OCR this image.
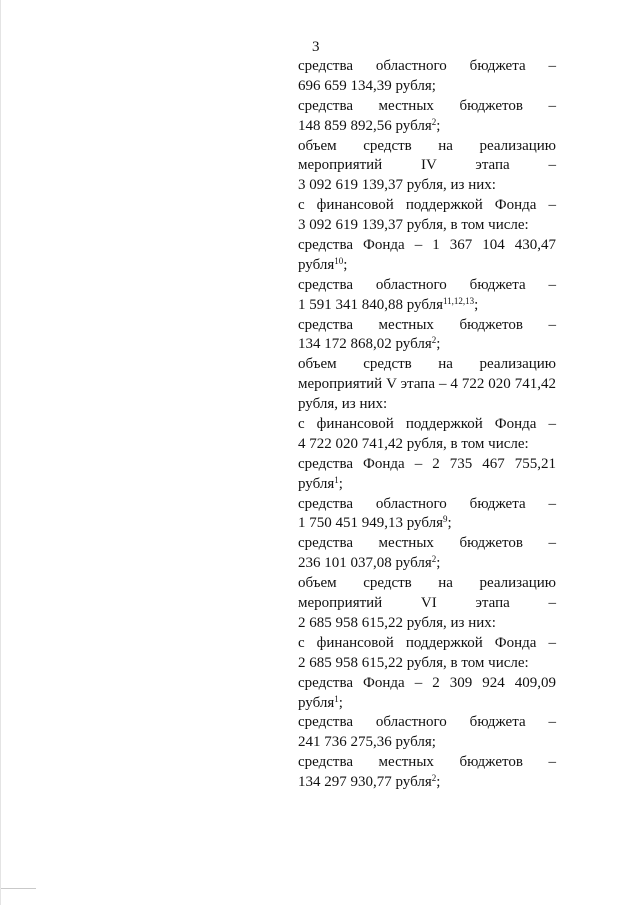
3
средства областного бюджета –
696 659 134,39 рубля;
средства местных бюджетов –
148 859 892,56 рубля$^2$;
объем средств на реализацию
мероприятий IV этапа –
3 092 619 139,37 рубля, из них:
с финансовой поддержкой Фонда –
3 092 619 139,37 рубля, в том числе:
средства Фонда – 1 367 104 430,47
рубля$^{10}$;
средства областного бюджета –
1 591 341 840,88 рубля$^{11,12,13}$;
средства местных бюджетов –
134 172 868,02 рубля$^2$;
объем средств на реализацию
мероприятий V этапа – 4 722 020 741,42
рубля, из них:
с финансовой поддержкой Фонда –
4 722 020 741,42 рубля, в том числе:
средства Фонда – 2 735 467 755,21
рубля$^1$;
средства областного бюджета –
1 750 451 949,13 рубля$^9$;
средства местных бюджетов –
236 101 037,08 рубля$^2$;
объем средств на реализацию
мероприятий VI этапа –
2 685 958 615,22 рубля, из них:
с финансовой поддержкой Фонда –
2 685 958 615,22 рубля, в том числе:
средства Фонда – 2 309 924 409,09
рубля$^1$;
средства областного бюджета –
241 736 275,36 рубля;
средства местных бюджетов –
134 297 930,77 рубля$^2$;
